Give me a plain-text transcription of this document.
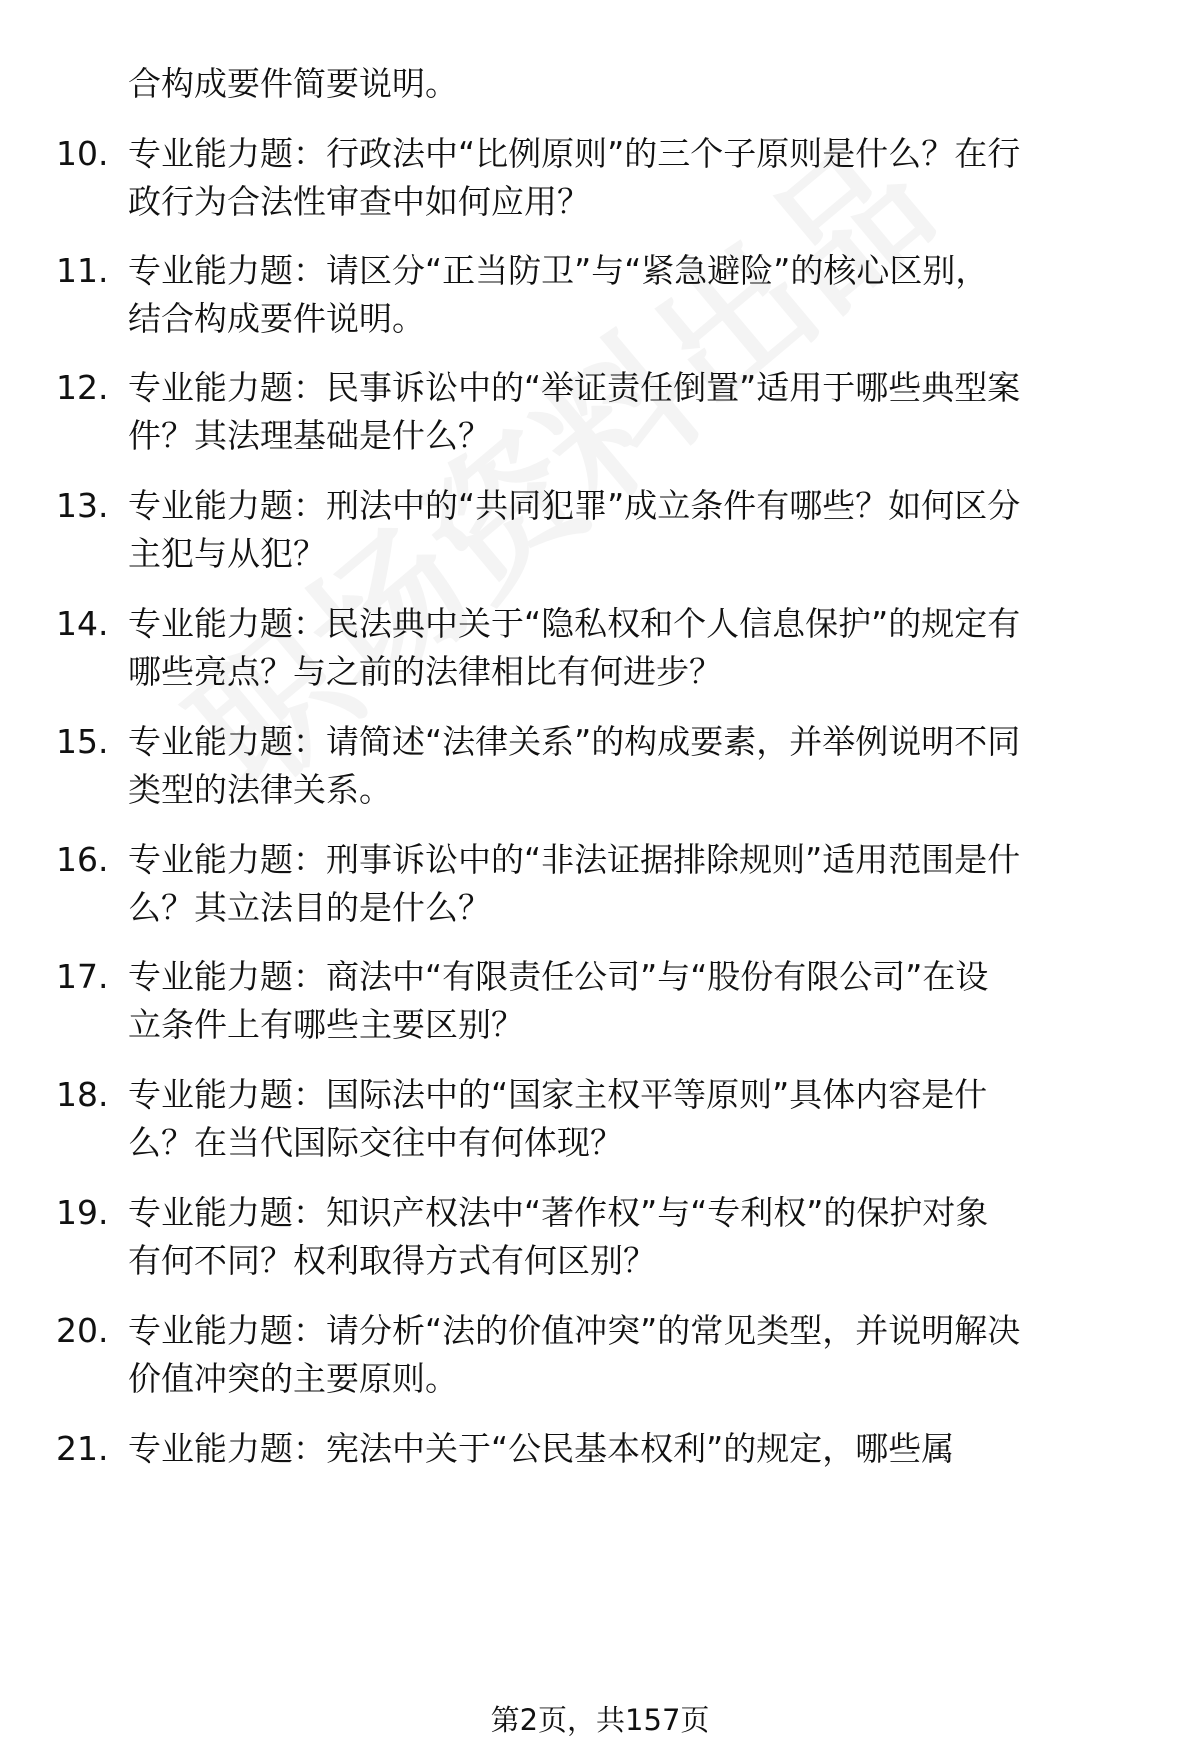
合构成要件简要说明。
10. 专业能力题：行政法中“比例原则”的三个子原则是什么？在行
政行为合法性审查中如何应用？
11. 专业能力题：请区分“正当防卫”与“紧急避险”的核心区别，
结合构成要件说明。
12. 专业能力题：民事诉讼中的“举证责任倒置”适用于哪些典型案
件？其法理基础是什么？
13. 专业能力题：刑法中的“共同犯罪”成立条件有哪些？如何区分
主犯与从犯？
14. 专业能力题：民法典中关于“隐私权和个人信息保护”的规定有
哪些亮点？与之前的法律相比有何进步？
15. 专业能力题：请简述“法律关系”的构成要素，并举例说明不同
类型的法律关系。
16. 专业能力题：刑事诉讼中的“非法证据排除规则”适用范围是什
么？其立法目的是什么？
17. 专业能力题：商法中“有限责任公司”与“股份有限公司”在设
立条件上有哪些主要区别？
18. 专业能力题：国际法中的“国家主权平等原则”具体内容是什
么？在当代国际交往中有何体现？
19. 专业能力题：知识产权法中“著作权”与“专利权”的保护对象
有何不同？权利取得方式有何区别？
20. 专业能力题：请分析“法的价值冲突”的常见类型，并说明解决
价值冲突的主要原则。
21. 专业能力题：宪法中关于“公民基本权利”的规定，哪些属
第2页，共157页
